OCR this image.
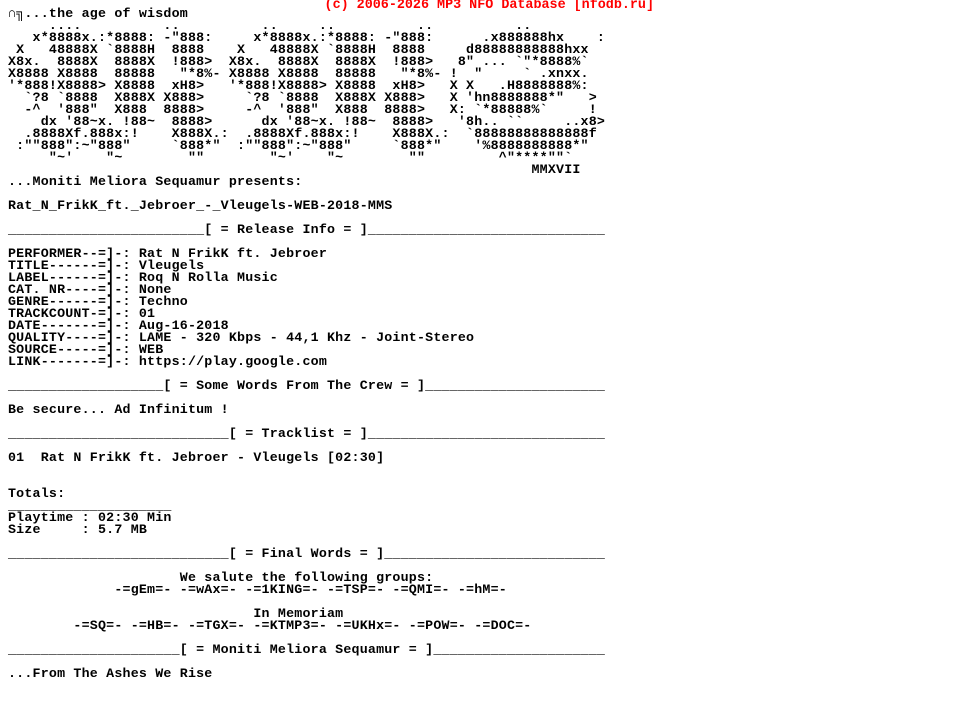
(c) 2006-2026 MP3 NFO Database [nfodb.ru]
∩╗...the age of wisdom
....          ..          ..     ..          ..          ..
x*8888x.:*8888: -"888:     x*8888x.:*8888: -"888:      .x888888hx    :
X   48888X `8888H  8888    X   48888X `8888H  8888     d88888888888hxx
X8x.  8888X  8888X  !888>  X8x.  8888X  8888X  !888>   8" ... `"*8888%`
X8888 X8888  88888   "*8%- X8888 X8888  88888   "*8%- !  "     ` .xnxx.
'*888!X8888> X8888  xH8>   '*888!X8888> X8888  xH8>   X X   .H8888888%:
`?8 `8888  X888X X888>     `?8 `8888  X888X X888>   X 'hn8888888*"   >
-^  '888"  X888  8888>     -^  '888"  X888  8888>   X: `*88888%`     !
dx '88~x. !88~  8888>      dx '88~x. !88~  8888>   '8h.. ``     ..x8>
.8888Xf.888x:!    X888X.:  .8888Xf.888x:!    X888X.:  `88888888888888f
:""888":~"888"     `888*"  :""888":~"888"     `888*"    '%8888888888*"
"~'    "~        ""        "~'    "~        ""         ^"****""`
MMXVII
...Moniti Meliora Sequamur presents:

Rat_N_FrikK_ft._Jebroer_-_Vleugels-WEB-2018-MMS

________________________[ = Release Info = ]_____________________________

PERFORMER--=]-: Rat N FrikK ft. Jebroer
TITLE------=]-: Vleugels
LABEL------=]-: Roq N Rolla Music
CAT. NR----=]-: None
GENRE------=]-: Techno
TRACKCOUNT-=]-: 01
DATE-------=]-: Aug-16-2018
QUALITY----=]-: LAME - 320 Kbps - 44,1 Khz - Joint-Stereo
SOURCE-----=]-: WEB
LINK-------=]-: https://play.google.com

___________________[ = Some Words From The Crew = ]______________________

Be secure... Ad Infinitum !

___________________________[ = Tracklist = ]_____________________________

01  Rat N FrikK ft. Jebroer - Vleugels [02:30]

Totals:
____________________
Playtime : 02:30 Min
Size     : 5.7 MB

___________________________[ = Final Words = ]___________________________

We salute the following groups:
-=gEm=- -=wAx=- -=1KING=- -=TSP=- -=QMI=- -=hM=-

In Memoriam
-=SQ=- -=HB=- -=TGX=- -=KTMP3=- -=UKHx=- -=POW=- -=DOC=-

_____________________[ = Moniti Meliora Sequamur = ]_____________________

...From The Ashes We Rise
